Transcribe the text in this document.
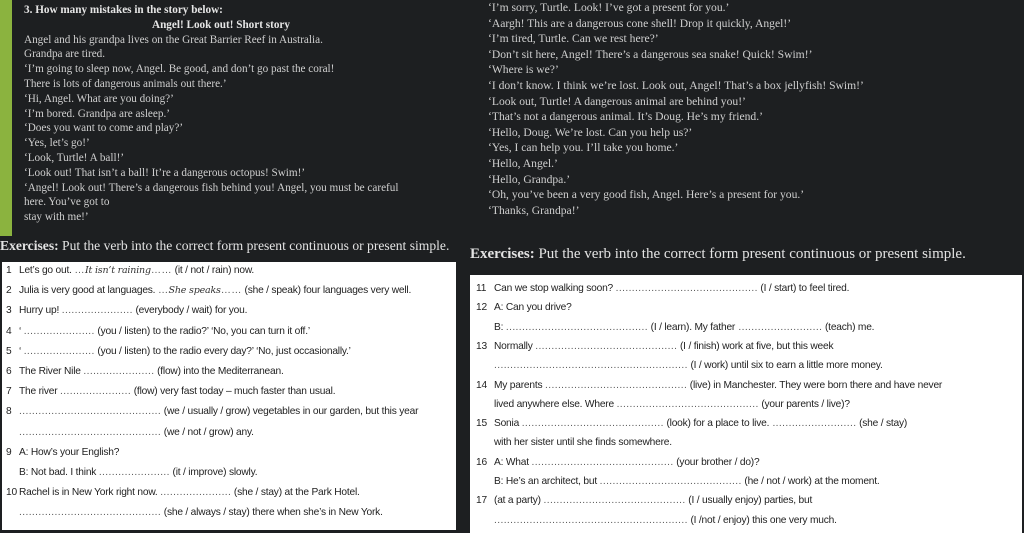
3. How many mistakes in the story below:
Angel! Look out! Short story
Angel and his grandpa lives on the Great Barrier Reef in Australia.
Grandpa are tired.
‘I’m going to sleep now, Angel. Be good, and don’t go past the coral!
There is lots of dangerous animals out there.’
‘Hi, Angel. What are you doing?’
‘I’m bored. Grandpa are asleep.’
‘Does you want to come and play?’
‘Yes, let’s go!’
‘Look, Turtle! A ball!’
‘Look out! That isn’t a ball! It’re a dangerous octopus! Swim!’
‘Angel! Look out! There’s a dangerous fish behind you! Angel, you must be careful
here. You’ve got to
stay with me!’
‘I’m sorry, Turtle. Look! I’ve got a present for you.’
‘Aargh! This are a dangerous cone shell! Drop it quickly, Angel!’
‘I’m tired, Turtle. Can we rest here?’
‘Don’t sit here, Angel! There’s a dangerous sea snake! Quick! Swim!’
‘Where is we?’
‘I don’t know. I think we’re lost. Look out, Angel! That’s a box jellyfish! Swim!’
‘Look out, Turtle! A dangerous animal are behind you!’
‘That’s not a dangerous animal. It’s Doug. He’s my friend.’
‘Hello, Doug. We’re lost. Can you help us?’
‘Yes, I can help you. I’ll take you home.’
‘Hello, Angel.’
‘Hello, Grandpa.’
‘Oh, you’ve been a very good fish, Angel. Here’s a present for you.’
‘Thanks, Grandpa!’
Exercises: Put the verb into the correct form present continuous or present simple.
Exercises: Put the verb into the correct form present continuous or present simple.
1 Let’s go out. …It isn’t raining…… (it / not / rain) now.
2 Julia is very good at languages. …She speaks…… (she / speak) four languages very well.
3 Hurry up! ...................... (everybody / wait) for you.
4 ‘ ...................... (you / listen) to the radio?’ ‘No, you can turn it off.’
5 ‘ ...................... (you / listen) to the radio every day?’ ‘No, just occasionally.’
6 The River Nile ...................... (flow) into the Mediterranean.
7 The river ...................... (flow) very fast today – much faster than usual.
8 ............................................ (we / usually / grow) vegetables in our garden, but this year
............................................ (we / not / grow) any.
9 A: How’s your English?
B: Not bad. I think ...................... (it / improve) slowly.
10 Rachel is in New York right now. ...................... (she / stay) at the Park Hotel.
............................................ (she / always / stay) there when she’s in New York.
11 Can we stop walking soon? ............................................ (I / start) to feel tired.
12 A: Can you drive?
B: ............................................ (I / learn). My father .......................... (teach) me.
13 Normally ............................................ (I / finish) work at five, but this week
............................................................ (I / work) until six to earn a little more money.
14 My parents ............................................ (live) in Manchester. They were born there and have never
lived anywhere else. Where ............................................ (your parents / live)?
15 Sonia ............................................ (look) for a place to live. .......................... (she / stay)
with her sister until she finds somewhere.
16 A: What ............................................ (your brother / do)?
B: He’s an architect, but ............................................ (he / not / work) at the moment.
17 (at a party) ............................................ (I / usually enjoy) parties, but
............................................................ (I /not / enjoy) this one very much.
